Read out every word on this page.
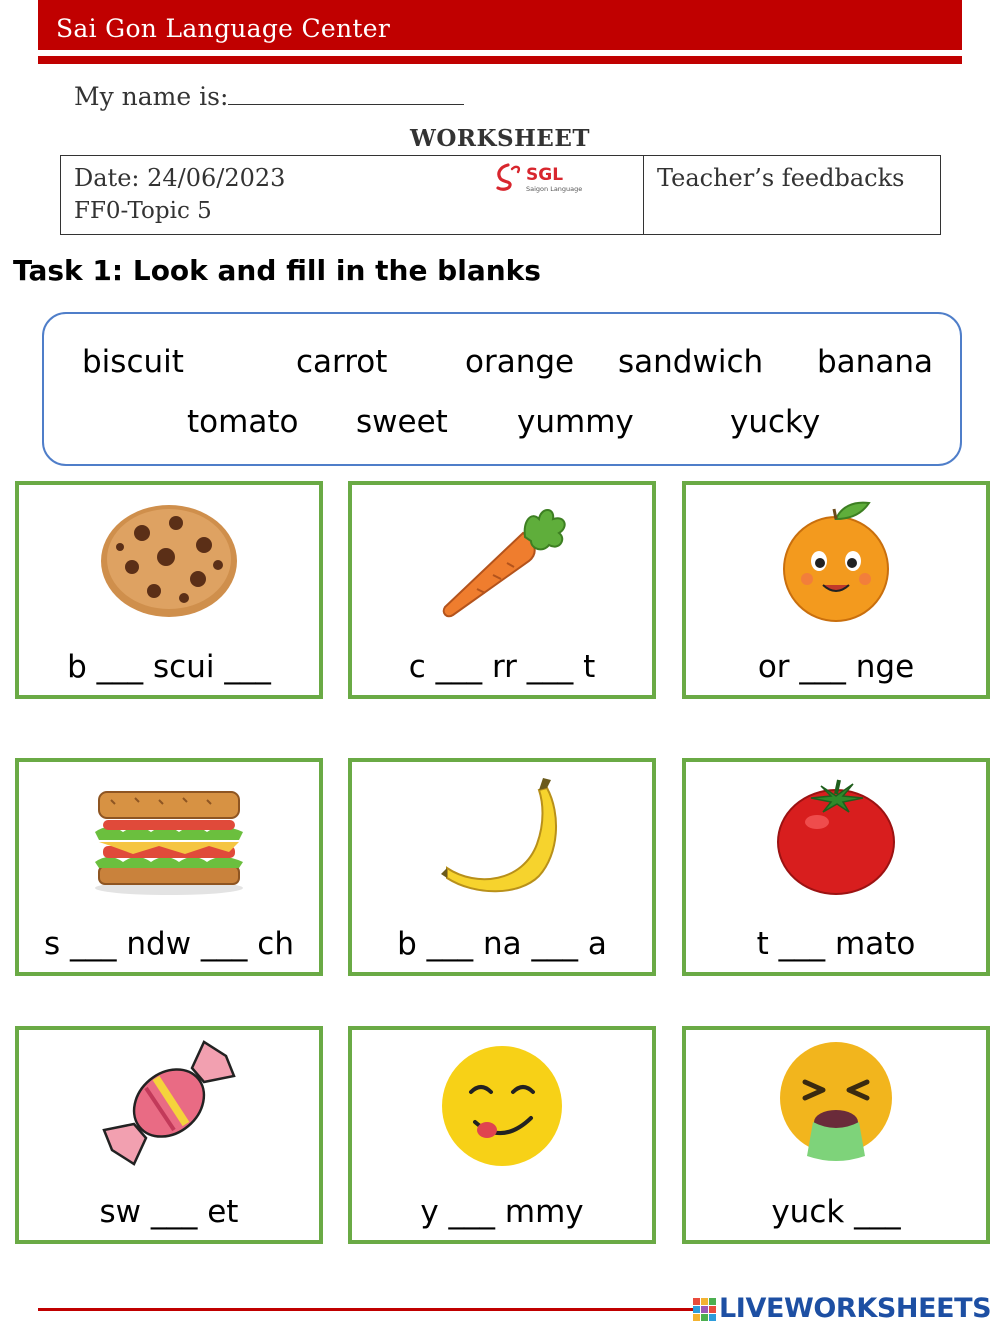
Sai Gon Language Center
My name is:
WORKSHEET
Date: 24/06/2023
FF0-Topic 5
SGL
Saigon Language	Teacher’s feedbacks
Task 1: Look and fill in the blanks
biscuit	carrot	orange sandwich banana
tomato sweet yummy	yucky
b ___ scui ___	c ___ rr ___ t	or ___ nge
s ___ ndw ___ ch	b ___ na ___ a	t ___ mato
sw ___ et	y ___ mmy	yuck ___
LIVEWORKSHEETS
